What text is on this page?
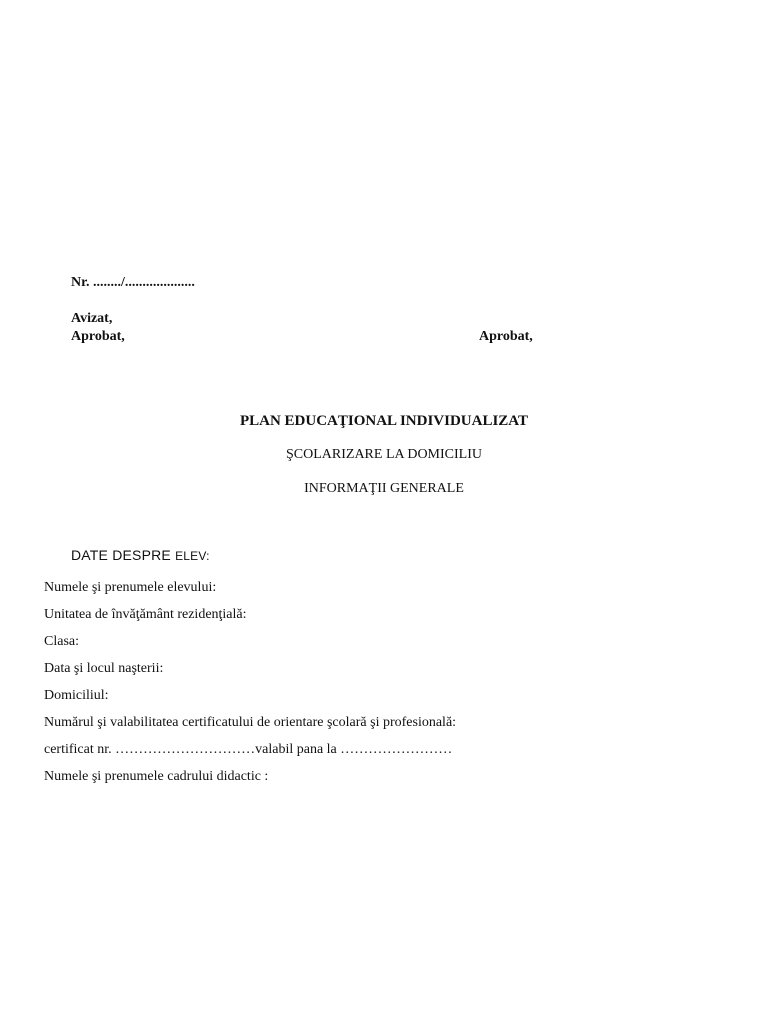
Nr. ......../....................
Avizat,
Aprobat,	Aprobat,
PLAN EDUCAŢIONAL INDIVIDUALIZAT
ŞCOLARIZARE LA DOMICILIU
INFORMAŢII GENERALE
DATE DESPRE ELEV:
Numele şi prenumele elevului:
Unitatea de învăţământ rezidenţială:
Clasa:
Data şi locul naşterii:
Domiciliul:
Numărul şi valabilitatea certificatului de orientare şcolară şi profesională:
certificat nr. …………………………valabil pana la ……………………
Numele şi prenumele cadrului didactic :
